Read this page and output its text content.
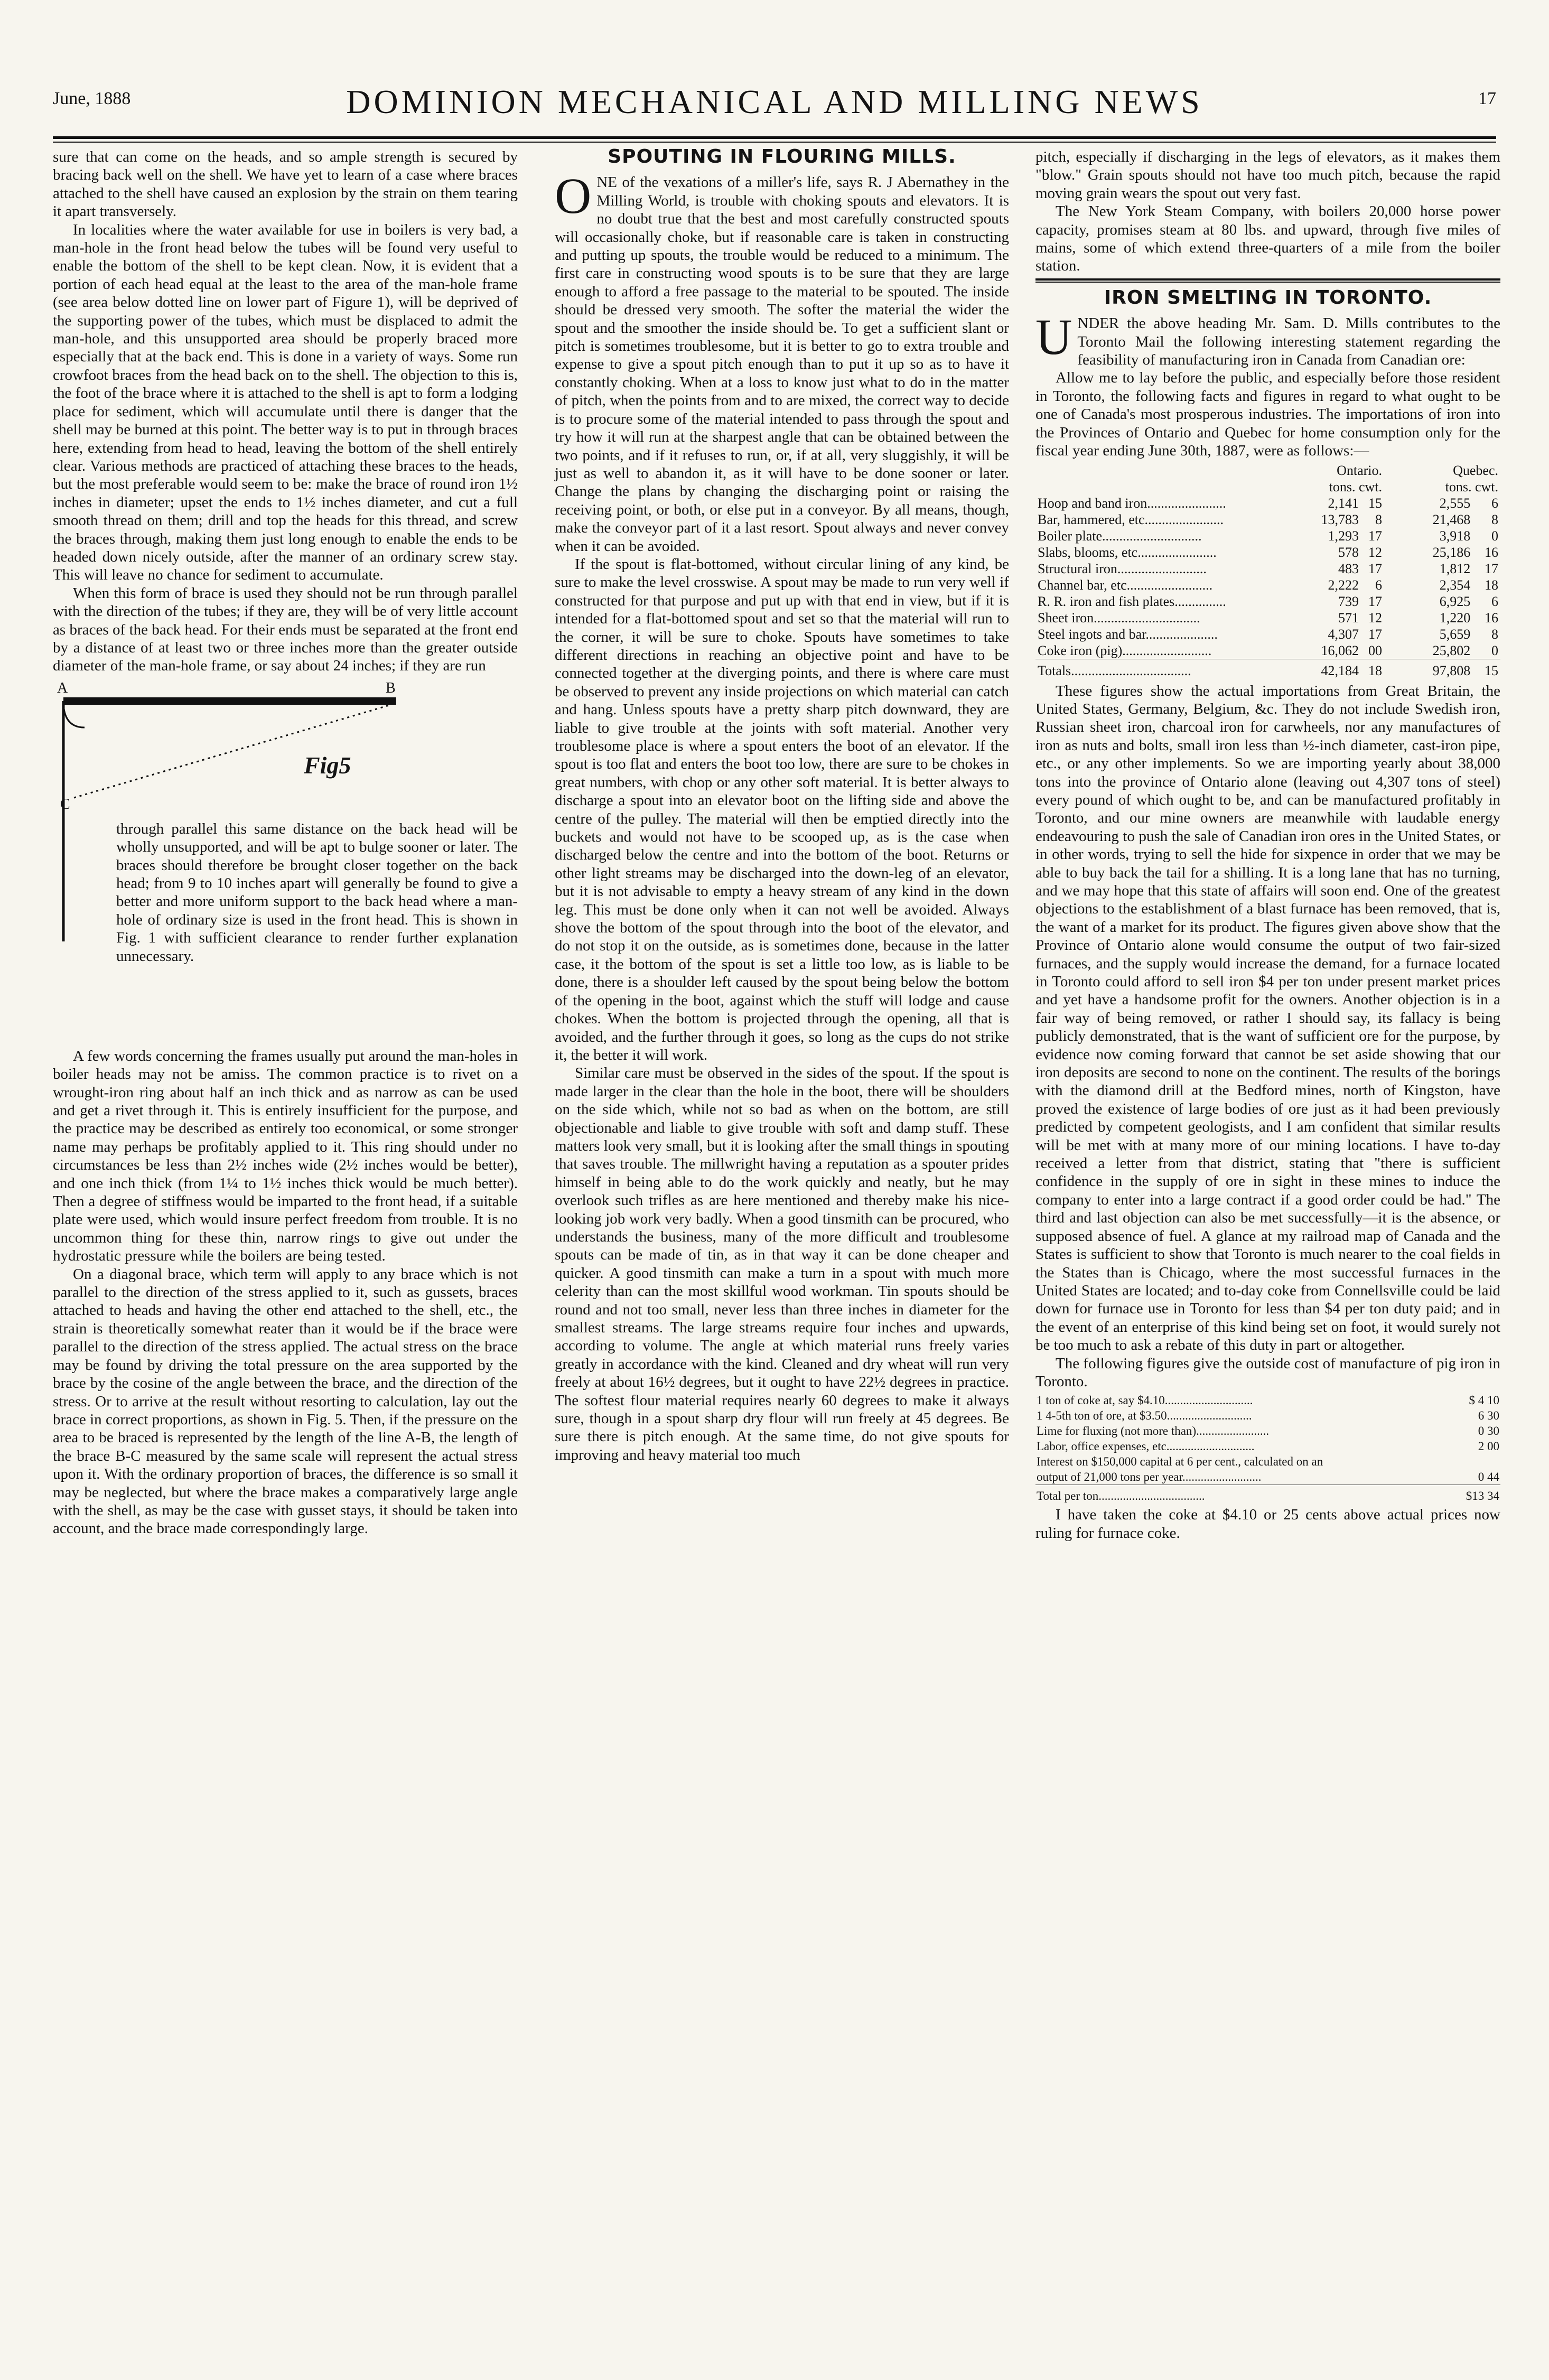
June, 1888	DOMINION MECHANICAL AND MILLING NEWS	17

sure that can come on the heads, and so ample strength is secured by bracing back well on the shell. We have yet to learn of a case where braces attached to the shell have caused an explosion by the strain on them tearing it apart transversely.

In localities where the water available for use in boilers is very bad, a man-hole in the front head below the tubes will be found very useful to enable the bottom of the shell to be kept clean. Now, it is evident that a portion of each head equal at the least to the area of the man-hole frame (see area below dotted line on lower part of Figure 1), will be deprived of the supporting power of the tubes, which must be displaced to admit the man-hole, and this unsupported area should be properly braced more especially that at the back end. This is done in a variety of ways. Some run crowfoot braces from the head back on to the shell. The objection to this is, the foot of the brace where it is attached to the shell is apt to form a lodging place for sediment, which will accumulate until there is danger that the shell may be burned at this point. The better way is to put in through braces here, extending from head to head, leaving the bottom of the shell entirely clear. Various methods are practiced of attaching these braces to the heads, but the most preferable would seem to be: make the brace of round iron 1½ inches in diameter; upset the ends to 1½ inches diameter, and cut a full smooth thread on them; drill and top the heads for this thread, and screw the braces through, making them just long enough to enable the ends to be headed down nicely outside, after the manner of an ordinary screw stay. This will leave no chance for sediment to accumulate.

When this form of brace is used they should not be run through parallel with the direction of the tubes; if they are, they will be of very little account as braces of the back head. For their ends must be separated at the front end by a distance of at least two or three inches more than the greater outside diameter of the man-hole frame, or say about 24 inches; if they are run

A	B
C
Fig5

through parallel this same distance on the back head will be wholly unsupported, and will be apt to bulge sooner or later. The braces should therefore be brought closer together on the back head; from 9 to 10 inches apart will generally be found to give a better and more uniform support to the back head where a man-hole of ordinary size is used in the front head. This is shown in Fig. 1 with sufficient clearance to render further explanation unnecessary.

A few words concerning the frames usually put around the man-holes in boiler heads may not be amiss. The common practice is to rivet on a wrought-iron ring about half an inch thick and as narrow as can be used and get a rivet through it. This is entirely insufficient for the purpose, and the practice may be described as entirely too economical, or some stronger name may perhaps be profitably applied to it. This ring should under no circumstances be less than 2½ inches wide (2½ inches would be better), and one inch thick (from 1¼ to 1½ inches thick would be much better). Then a degree of stiffness would be imparted to the front head, if a suitable plate were used, which would insure perfect freedom from trouble. It is no uncommon thing for these thin, narrow rings to give out under the hydrostatic pressure while the boilers are being tested.

On a diagonal brace, which term will apply to any brace which is not parallel to the direction of the stress applied to it, such as gussets, braces attached to heads and having the other end attached to the shell, etc., the strain is theoretically somewhat reater than it would be if the brace were parallel to the direction of the stress applied. The actual stress on the brace may be found by driving the total pressure on the area supported by the brace by the cosine of the angle between the brace, and the direction of the stress. Or to arrive at the result without resorting to calculation, lay out the brace in correct proportions, as shown in Fig. 5. Then, if the pressure on the area to be braced is represented by the length of the line A-B, the length of the brace B-C measured by the same scale will represent the actual stress upon it. With the ordinary proportion of braces, the difference is so small it may be neglected, but where the brace makes a comparatively large angle with the shell, as may be the case with gusset stays, it should be taken into account, and the brace made correspondingly large.

SPOUTING IN FLOURING MILLS.

ONE of the vexations of a miller's life, says R. J Abernathey in the Milling World, is trouble with choking spouts and elevators. It is no doubt true that the best and most carefully constructed spouts will occasionally choke, but if reasonable care is taken in constructing and putting up spouts, the trouble would be reduced to a minimum. The first care in constructing wood spouts is to be sure that they are large enough to afford a free passage to the material to be spouted. The inside should be dressed very smooth. The softer the material the wider the spout and the smoother the inside should be. To get a sufficient slant or pitch is sometimes troublesome, but it is better to go to extra trouble and expense to give a spout pitch enough than to put it up so as to have it constantly choking. When at a loss to know just what to do in the matter of pitch, when the points from and to are mixed, the correct way to decide is to procure some of the material intended to pass through the spout and try how it will run at the sharpest angle that can be obtained between the two points, and if it refuses to run, or, if at all, very sluggishly, it will be just as well to abandon it, as it will have to be done sooner or later. Change the plans by changing the discharging point or raising the receiving point, or both, or else put in a conveyor. By all means, though, make the conveyor part of it a last resort. Spout always and never convey when it can be avoided.

If the spout is flat-bottomed, without circular lining of any kind, be sure to make the level crosswise. A spout may be made to run very well if constructed for that purpose and put up with that end in view, but if it is intended for a flat-bottomed spout and set so that the material will run to the corner, it will be sure to choke. Spouts have sometimes to take different directions in reaching an objective point and have to be connected together at the diverging points, and there is where care must be observed to prevent any inside projections on which material can catch and hang. Unless spouts have a pretty sharp pitch downward, they are liable to give trouble at the joints with soft material. Another very troublesome place is where a spout enters the boot of an elevator. If the spout is too flat and enters the boot too low, there are sure to be chokes in great numbers, with chop or any other soft material. It is better always to discharge a spout into an elevator boot on the lifting side and above the centre of the pulley. The material will then be emptied directly into the buckets and would not have to be scooped up, as is the case when discharged below the centre and into the bottom of the boot. Returns or other light streams may be discharged into the down-leg of an elevator, but it is not advisable to empty a heavy stream of any kind in the down leg. This must be done only when it can not well be avoided. Always shove the bottom of the spout through into the boot of the elevator, and do not stop it on the outside, as is sometimes done, because in the latter case, it the bottom of the spout is set a little too low, as is liable to be done, there is a shoulder left caused by the spout being below the bottom of the opening in the boot, against which the stuff will lodge and cause chokes. When the bottom is projected through the opening, all that is avoided, and the further through it goes, so long as the cups do not strike it, the better it will work.

Similar care must be observed in the sides of the spout. If the spout is made larger in the clear than the hole in the boot, there will be shoulders on the side which, while not so bad as when on the bottom, are still objectionable and liable to give trouble with soft and damp stuff. These matters look very small, but it is looking after the small things in spouting that saves trouble. The millwright having a reputation as a spouter prides himself in being able to do the work quickly and neatly, but he may overlook such trifles as are here mentioned and thereby make his nice-looking job work very badly. When a good tinsmith can be procured, who understands the business, many of the more difficult and troublesome spouts can be made of tin, as in that way it can be done cheaper and quicker. A good tinsmith can make a turn in a spout with much more celerity than can the most skillful wood workman. Tin spouts should be round and not too small, never less than three inches in diameter for the smallest streams. The large streams require four inches and upwards, according to volume. The angle at which material runs freely varies greatly in accordance with the kind. Cleaned and dry wheat will run very freely at about 16½ degrees, but it ought to have 22½ degrees in practice. The softest flour material requires nearly 60 degrees to make it always sure, though in a spout sharp dry flour will run freely at 45 degrees. Be sure there is pitch enough. At the same time, do not give spouts for improving and heavy material too much

pitch, especially if discharging in the legs of elevators, as it makes them "blow." Grain spouts should not have too much pitch, because the rapid moving grain wears the spout out very fast.

The New York Steam Company, with boilers 20,000 horse power capacity, promises steam at 80 lbs. and upward, through five miles of mains, some of which extend three-quarters of a mile from the boiler station.

IRON SMELTING IN TORONTO.

UNDER the above heading Mr. Sam. D. Mills contributes to the Toronto Mail the following interesting statement regarding the feasibility of manufacturing iron in Canada from Canadian ore:

Allow me to lay before the public, and especially before those resident in Toronto, the following facts and figures in regard to what ought to be one of Canada's most prosperous industries. The importations of iron into the Provinces of Ontario and Quebec for home consumption only for the fiscal year ending June 30th, 1887, were as follows:—

	Ontario.		Quebec.	
	tons. cwt.		tons. cwt.	
Hoop and band iron.......................	2,141	15	2,555	6
Bar, hammered, etc.......................	13,783	8	21,468	8
Boiler plate.............................	1,293	17	3,918	0
Slabs, blooms, etc.......................	578	12	25,186	16
Structural iron..........................	483	17	1,812	17
Channel bar, etc.........................	2,222	6	2,354	18
R. R. iron and fish plates...............	739	17	6,925	6
Sheet iron...............................	571	12	1,220	16
Steel ingots and bar.....................	4,307	17	5,659	8
Coke iron (pig)..........................	16,062	00	25,802	0
Totals...................................	42,184	18	97,808	15

These figures show the actual importations from Great Britain, the United States, Germany, Belgium, &c. They do not include Swedish iron, Russian sheet iron, charcoal iron for carwheels, nor any manufactures of iron as nuts and bolts, small iron less than ½-inch diameter, cast-iron pipe, etc., or any other implements. So we are importing yearly about 38,000 tons into the province of Ontario alone (leaving out 4,307 tons of steel) every pound of which ought to be, and can be manufactured profitably in Toronto, and our mine owners are meanwhile with laudable energy endeavouring to push the sale of Canadian iron ores in the United States, or in other words, trying to sell the hide for sixpence in order that we may be able to buy back the tail for a shilling. It is a long lane that has no turning, and we may hope that this state of affairs will soon end. One of the greatest objections to the establishment of a blast furnace has been removed, that is, the want of a market for its product. The figures given above show that the Province of Ontario alone would consume the output of two fair-sized furnaces, and the supply would increase the demand, for a furnace located in Toronto could afford to sell iron $4 per ton under present market prices and yet have a handsome profit for the owners. Another objection is in a fair way of being removed, or rather I should say, its fallacy is being publicly demonstrated, that is the want of sufficient ore for the purpose, by evidence now coming forward that cannot be set aside showing that our iron deposits are second to none on the continent. The results of the borings with the diamond drill at the Bedford mines, north of Kingston, have proved the existence of large bodies of ore just as it had been previously predicted by competent geologists, and I am confident that similar results will be met with at many more of our mining locations. I have to-day received a letter from that district, stating that "there is sufficient confidence in the supply of ore in sight in these mines to induce the company to enter into a large contract if a good order could be had." The third and last objection can also be met successfully—it is the absence, or supposed absence of fuel. A glance at my railroad map of Canada and the States is sufficient to show that Toronto is much nearer to the coal fields in the States than is Chicago, where the most successful furnaces in the United States are located; and to-day coke from Connellsville could be laid down for furnace use in Toronto for less than $4 per ton duty paid; and in the event of an enterprise of this kind being set on foot, it would surely not be too much to ask a rebate of this duty in part or altogether.

The following figures give the outside cost of manufacture of pig iron in Toronto.

1 ton of coke at, say $4.10.............................	$ 4 10
1 4-5th ton of ore, at $3.50............................	6 30
Lime for fluxing (not more than)........................	0 30
Labor, office expenses, etc.............................	2 00
Interest on $150,000 capital at 6 per cent., calculated on an	
output of 21,000 tons per year..........................	0 44
Total per ton...................................	$13 34

I have taken the coke at $4.10 or 25 cents above actual prices now ruling for furnace coke.
